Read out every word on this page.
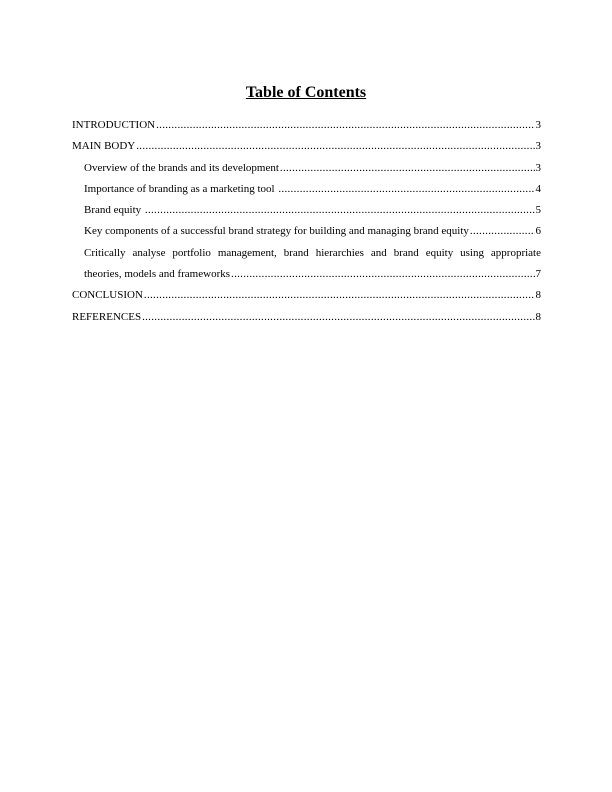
Table of Contents
INTRODUCTION .....	3
MAIN BODY .....	3
Overview of the brands and its development .....	3
Importance of branding as a marketing tool .....	4
Brand equity .....	5
Key components of a successful brand strategy for building and managing brand equity .....	6
Critically analyse portfolio management, brand hierarchies and brand equity using appropriate
theories, models and frameworks .....	7
CONCLUSION .....	8
REFERENCES .....	8
